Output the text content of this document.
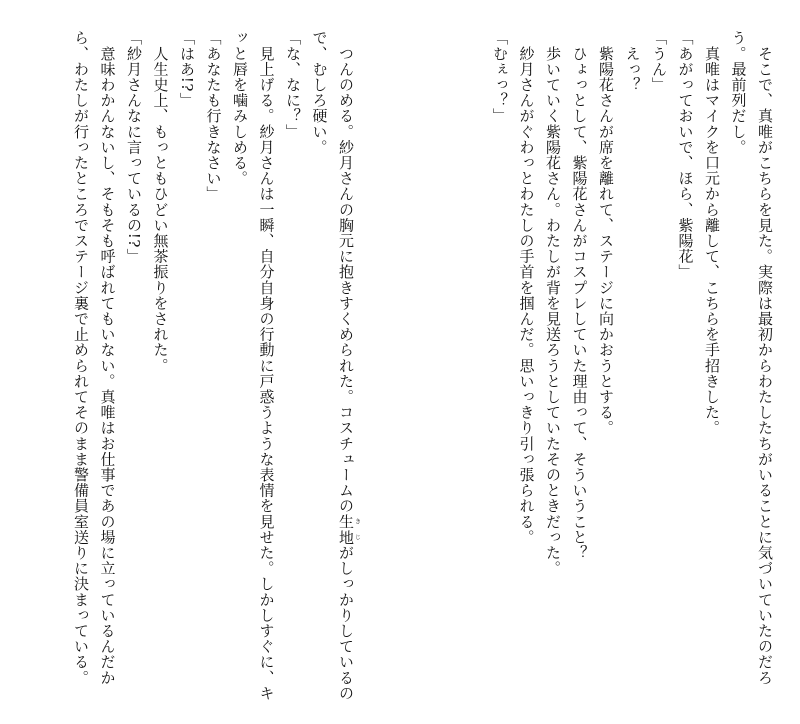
　そこで、真唯がこちらを見た。実際は最初からわたしたちがいることに気づいていたのだろう。最前列だし。

　真唯はマイクを口元から離して、こちらを手招きした。

「あがっておいで、ほら、紫陽花」

「うん」

　えっ？

　紫陽花さんが席を離れて、ステージに向かおうとする。

　ひょっとして、紫陽花さんがコスプレしていた理由って、そういうこと？

　歩いていく紫陽花さん。わたしが背を見送ろうとしていたそのときだった。

　紗月さんがぐわっとわたしの手首を掴んだ。思いっきり引っ張られる。

「むぇっ？」

　つんのめる。紗月さんの胸元に抱きすくめられた。コスチュームの生地きじがしっかりしているので、むしろ硬い。

「な、なに？」

　見上げる。紗月さんは一瞬、自分自身の行動に戸惑うような表情を見せた。しかしすぐに、キッと唇を噛みしめる。

「あなたも行きなさい」

「はあ!?」

　人生史上、もっともひどい無茶振りをされた。

「紗月さんなに言っているの!?」

　意味わかんないし、そもそも呼ばれてもいない。真唯はお仕事であの場に立っているんだから、わたしが行ったところでステージ裏で止められてそのまま警備員室送りに決まっている。
